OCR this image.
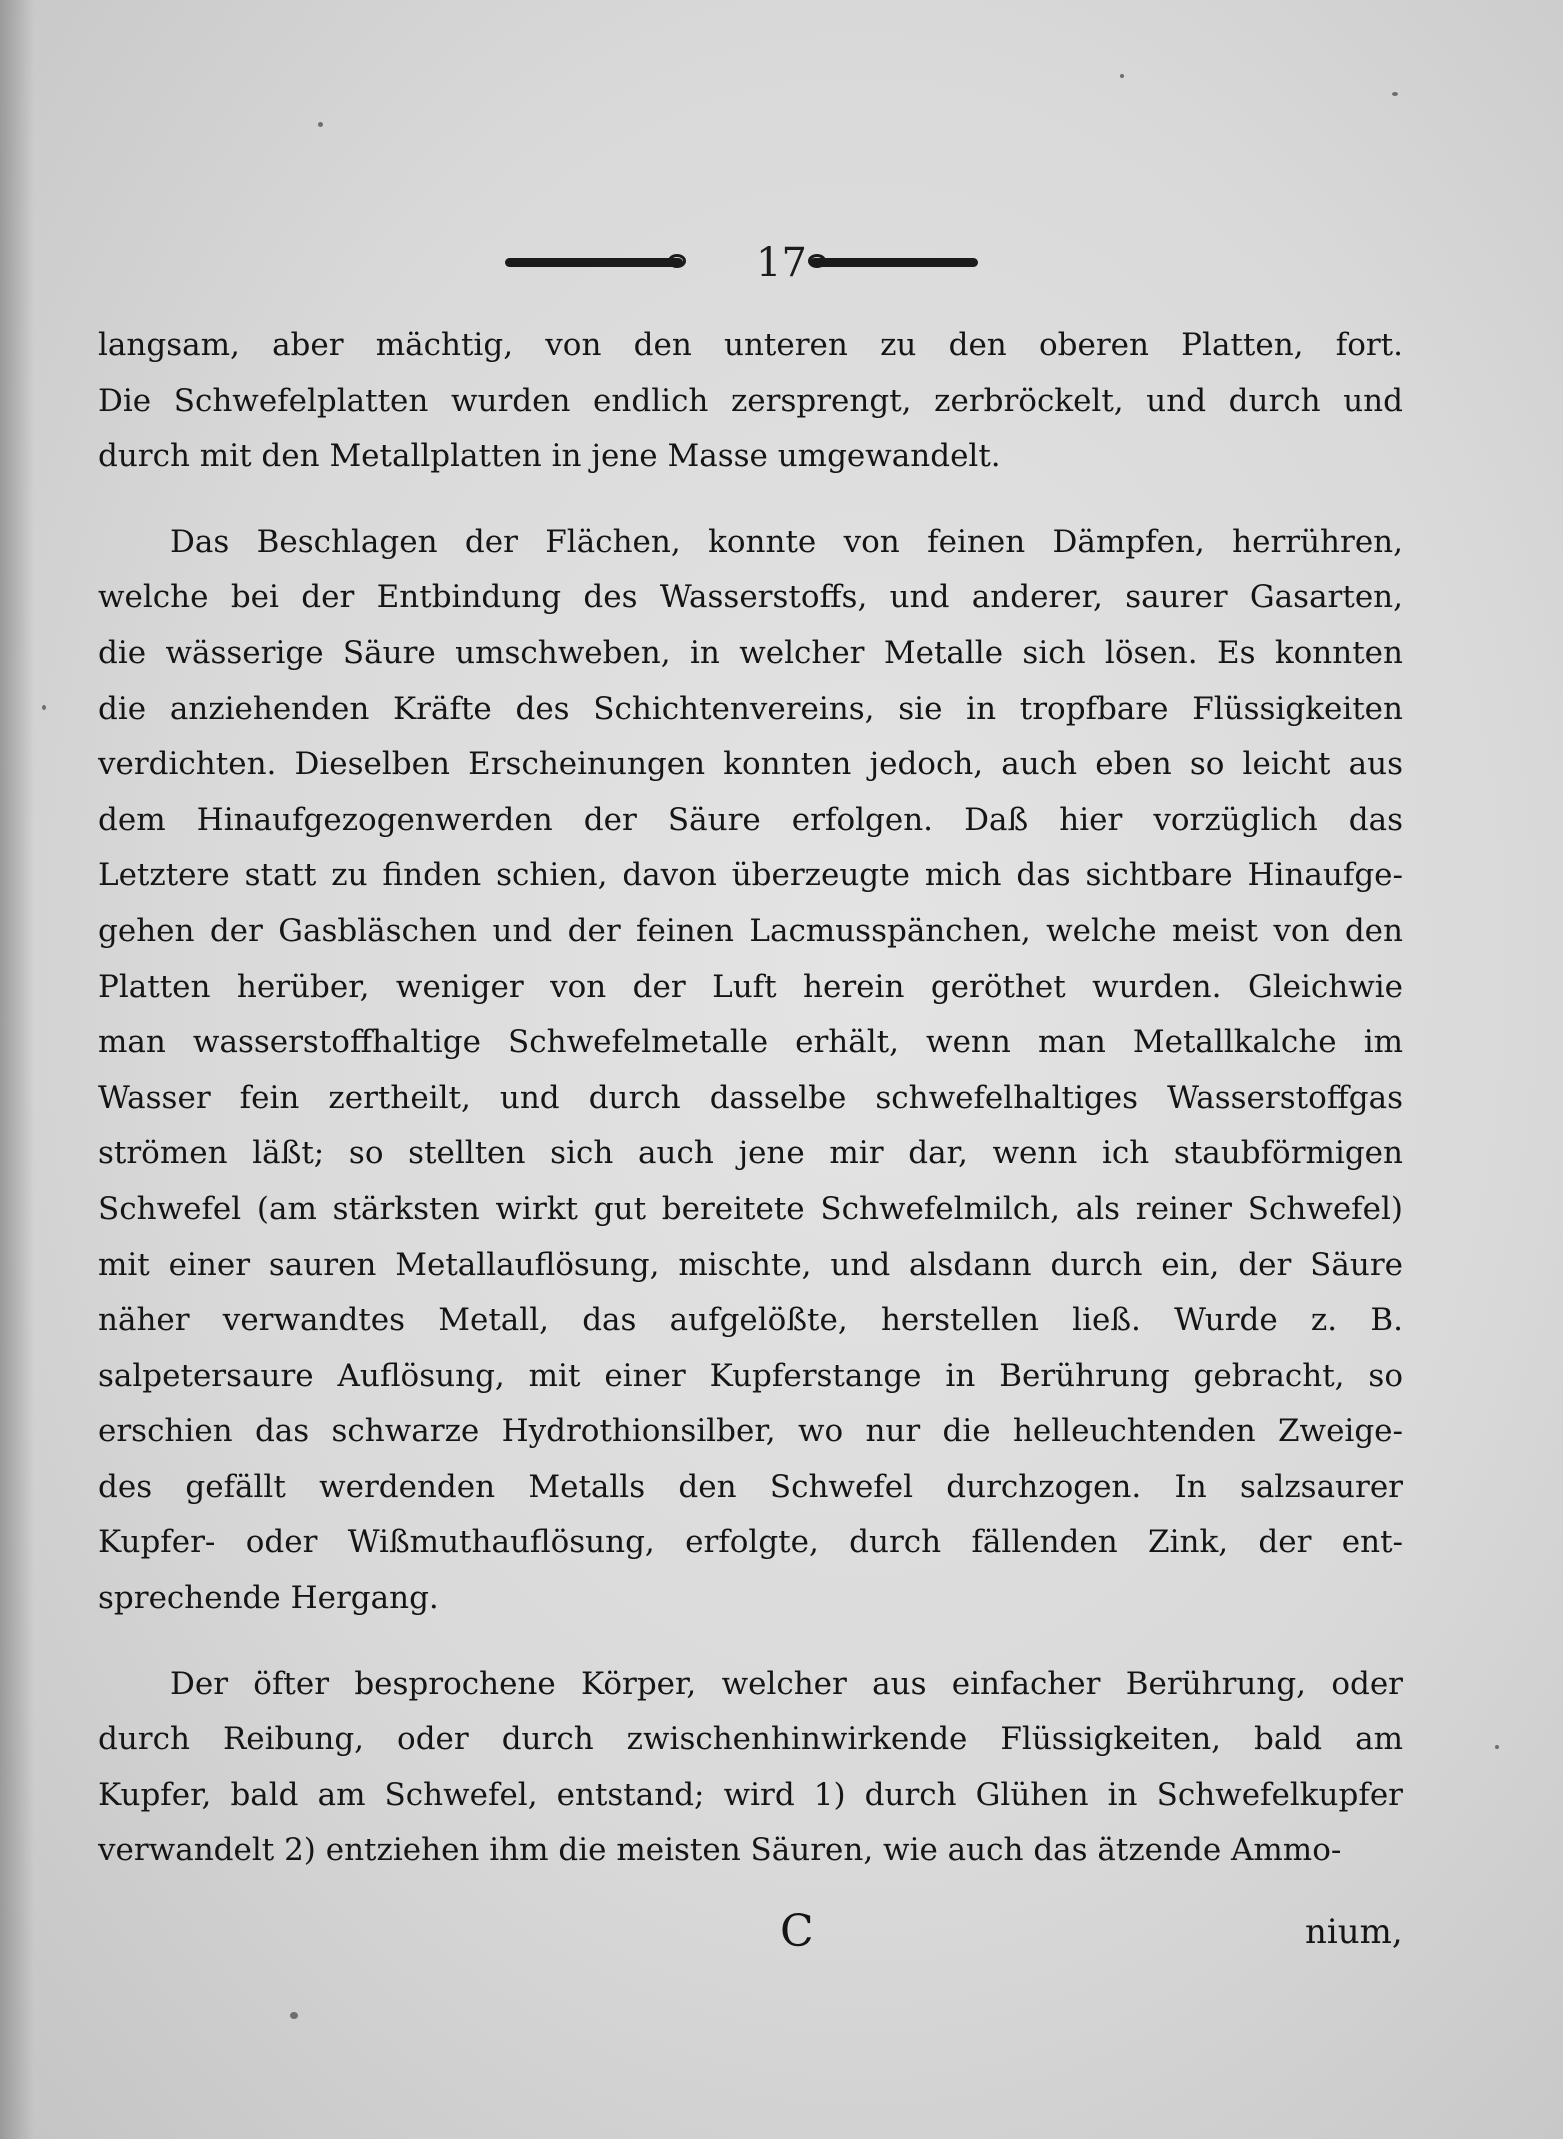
17
langsam, aber mächtig, von den unteren zu den oberen Platten, fort.
Die Schwefelplatten wurden endlich zersprengt, zerbröckelt, und durch und
durch mit den Metallplatten in jene Masse umgewandelt.
Das Beschlagen der Flächen, konnte von feinen Dämpfen, herrühren,
welche bei der Entbindung des Wasserstoffs, und anderer, saurer Gasarten,
die wässerige Säure umschweben, in welcher Metalle sich lösen. Es konnten
die anziehenden Kräfte des Schichtenvereins, sie in tropfbare Flüssigkeiten
verdichten. Dieselben Erscheinungen konnten jedoch, auch eben so leicht aus
dem Hinaufgezogenwerden der Säure erfolgen. Daß hier vorzüglich das
Letztere statt zu finden schien, davon überzeugte mich das sichtbare Hinaufge-
gehen der Gasbläschen und der feinen Lacmusspänchen, welche meist von den
Platten herüber, weniger von der Luft herein geröthet wurden. Gleichwie
man wasserstoffhaltige Schwefelmetalle erhält, wenn man Metallkalche im
Wasser fein zertheilt, und durch dasselbe schwefelhaltiges Wasserstoffgas
strömen läßt; so stellten sich auch jene mir dar, wenn ich staubförmigen
Schwefel (am stärksten wirkt gut bereitete Schwefelmilch, als reiner Schwefel)
mit einer sauren Metallauflösung, mischte, und alsdann durch ein, der Säure
näher verwandtes Metall, das aufgelößte, herstellen ließ. Wurde z. B.
salpetersaure Auflösung, mit einer Kupferstange in Berührung gebracht, so
erschien das schwarze Hydrothionsilber, wo nur die helleuchtenden Zweige-
des gefällt werdenden Metalls den Schwefel durchzogen. In salzsaurer
Kupfer- oder Wißmuthauflösung, erfolgte, durch fällenden Zink, der ent-
sprechende Hergang.
Der öfter besprochene Körper, welcher aus einfacher Berührung, oder
durch Reibung, oder durch zwischenhinwirkende Flüssigkeiten, bald am
Kupfer, bald am Schwefel, entstand; wird 1) durch Glühen in Schwefelkupfer
verwandelt 2) entziehen ihm die meisten Säuren, wie auch das ätzende Ammo-
C	nium,
